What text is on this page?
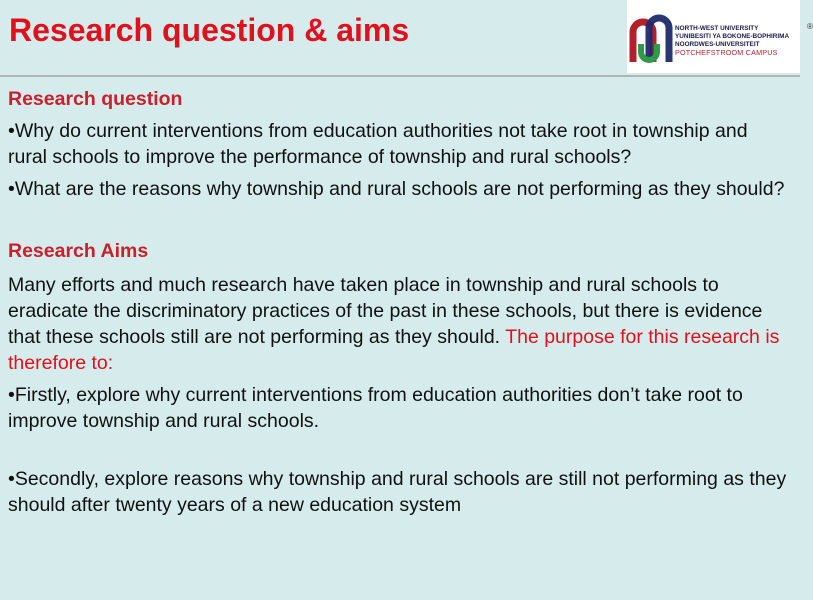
Research question & aims	NORTH-WEST UNIVERSITY
YUNIBESITI YA BOKONE-BOPHIRIMA
NOORDWES-UNIVERSITEIT
POTCHEFSTROOM CAMPUS
®

Research question

•Why do current interventions from education authorities not take root in township and rural schools to improve the performance of township and rural schools?

•What are the reasons why township and rural schools are not performing as they should?

Research Aims

Many efforts and much research have taken place in township and rural schools to eradicate the discriminatory practices of the past in these schools, but there is evidence that these schools still are not performing as they should. The purpose for this research is therefore to:

•Firstly, explore why current interventions from education authorities don’t take root to improve township and rural schools.

•Secondly, explore reasons why township and rural schools are still not performing as they should after twenty years of a new education system
